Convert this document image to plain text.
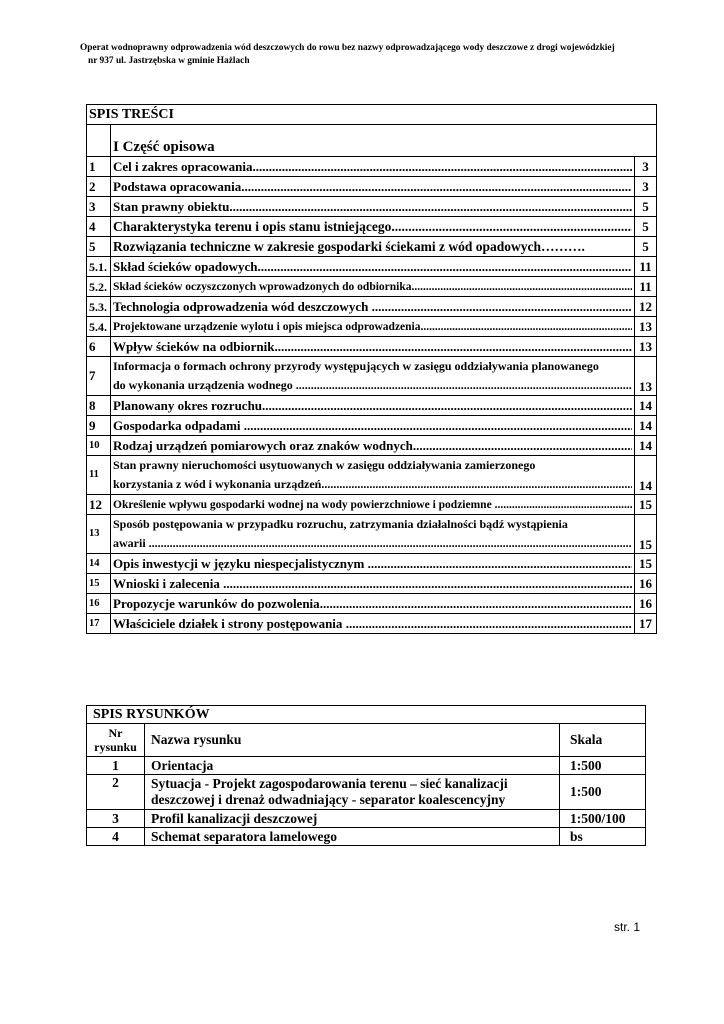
Operat wodnoprawny odprowadzenia wód deszczowych do rowu bez nazwy odprowadzającego wody deszczowe z drogi wojewódzkiej
nr 937 ul. Jastrzębska w gminie Hażlach
SPIS TREŚCI		
	I Część opisowa	
1	Cel i zakres opracowania .....	3
2	Podstawa opracowania .....	3
3	Stan prawny obiektu .....	5
4	Charakterystyka terenu i opis stanu istniejącego .....	5
5	Rozwiązania techniczne w zakresie gospodarki ściekami z wód opadowych……….	5
5.1.	Skład ścieków opadowych .....	11
5.2.	Skład ścieków oczyszczonych wprowadzonych do odbiornika .....	11
5.3.	Technologia odprowadzenia wód deszczowych .....	12
5.4.	Projektowane urządzenie wylotu i opis miejsca odprowadzenia .....	13
6	Wpływ ścieków na odbiornik .....	13
7	Informacja o formach ochrony przyrody występujących w zasięgu oddziaływania planowanego
do wykonania urządzenia wodnego .....	13
8	Planowany okres rozruchu .....	14
9	Gospodarka odpadami .....	14
10	Rodzaj urządzeń pomiarowych oraz znaków wodnych .....	14
11	Stan prawny nieruchomości usytuowanych w zasięgu oddziaływania zamierzonego
korzystania z wód i wykonania urządzeń .....	14
12	Określenie wpływu gospodarki wodnej na wody powierzchniowe i podziemne .....	15
13	Sposób postępowania w przypadku rozruchu, zatrzymania działalności bądź wystąpienia
awarii .....	15
14	Opis inwestycji w języku niespecjalistycznym .....	15
15	Wnioski i zalecenia .....	16
16	Propozycje warunków do pozwolenia .....	16
17	Właściciele działek i strony postępowania .....	17
SPIS RYSUNKÓW		
Nr rysunku	Nazwa rysunku	Skala
1	Orientacja	1:500
2	Sytuacja - Projekt zagospodarowania terenu – sieć kanalizacji
deszczowej i drenaż odwadniający - separator koalescencyjny	1:500
3	Profil kanalizacji deszczowej	1:500/100
4	Schemat separatora lamelowego	bs
str. 1
